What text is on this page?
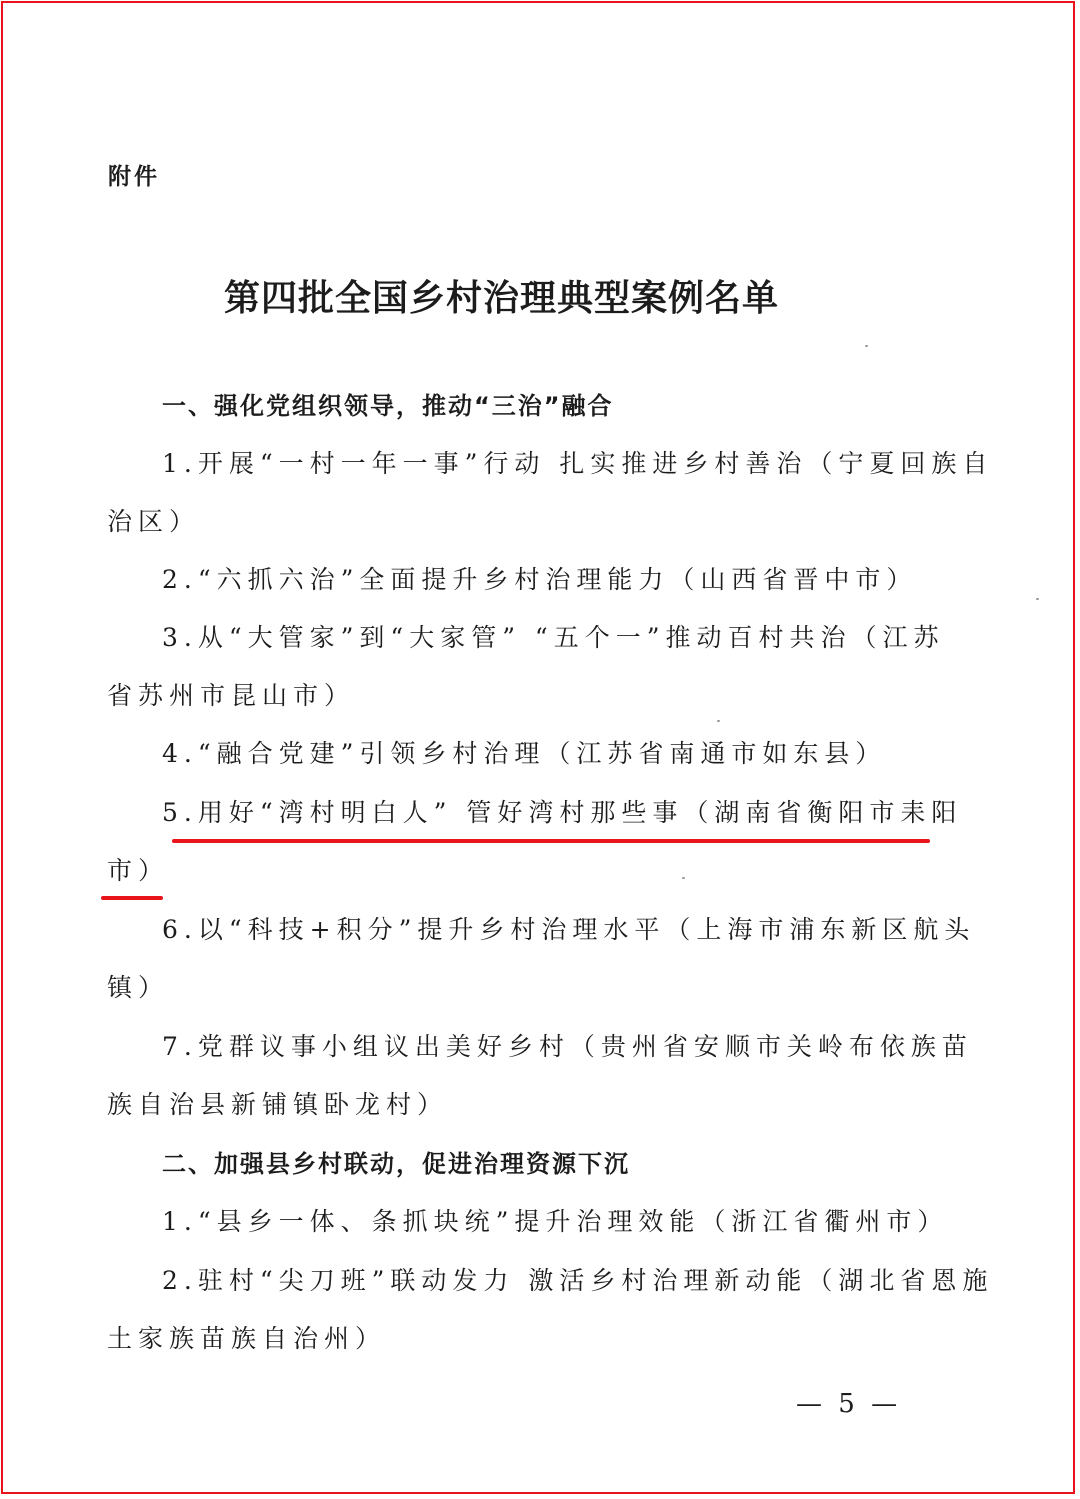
附件
第四批全国乡村治理典型案例名单
一、强化党组织领导，推动“三治”融合
1.开展“一村一年一事”行动 扎实推进乡村善治（宁夏回族自
治区）
2.“六抓六治”全面提升乡村治理能力（山西省晋中市）
3.从“大管家”到“大家管” “五个一”推动百村共治（江苏
省苏州市昆山市）
4.“融合党建”引领乡村治理（江苏省南通市如东县）
5.用好“湾村明白人” 管好湾村那些事（湖南省衡阳市耒阳
市）
6.以“科技+积分”提升乡村治理水平（上海市浦东新区航头
镇）
7.党群议事小组议出美好乡村（贵州省安顺市关岭布依族苗
族自治县新铺镇卧龙村）
二、加强县乡村联动，促进治理资源下沉
1.“县乡一体、条抓块统”提升治理效能（浙江省衢州市）
2.驻村“尖刀班”联动发力 激活乡村治理新动能（湖北省恩施
土家族苗族自治州）
— 5 —
